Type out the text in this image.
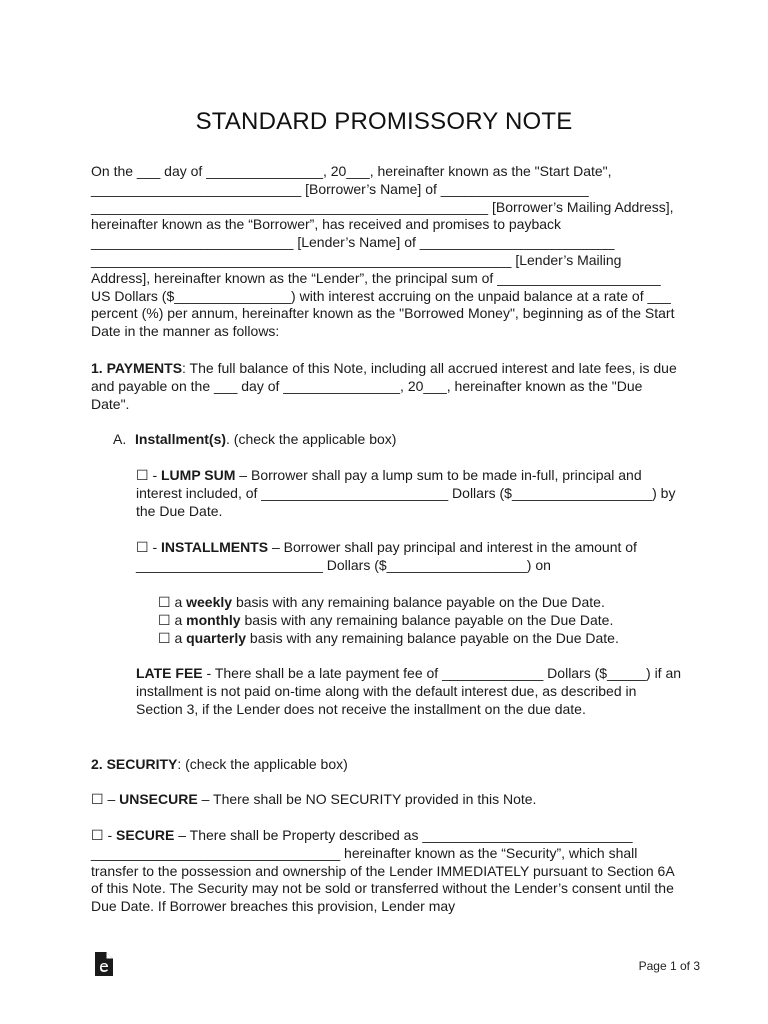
STANDARD PROMISSORY NOTE

On the ___ day of _______________, 20___, hereinafter known as the "Start Date", ___________________________ [Borrower’s Name] of ___________________ ___________________________________________________ [Borrower’s Mailing Address], hereinafter known as the “Borrower”, has received and promises to payback __________________________ [Lender’s Name] of _________________________ ______________________________________________________ [Lender’s Mailing Address], hereinafter known as the “Lender”, the principal sum of _____________________ US Dollars ($_______________) with interest accruing on the unpaid balance at a rate of ___ percent (%) per annum, hereinafter known as the "Borrowed Money", beginning as of the Start Date in the manner as follows:

1. PAYMENTS: The full balance of this Note, including all accrued interest and late fees, is due and payable on the ___ day of _______________, 20___, hereinafter known as the "Due Date".

A. Installment(s). (check the applicable box)

☐ - LUMP SUM – Borrower shall pay a lump sum to be made in-full, principal and interest included, of ________________________ Dollars ($__________________) by the Due Date.

☐ - INSTALLMENTS – Borrower shall pay principal and interest in the amount of ________________________ Dollars ($__________________) on

☐ a weekly basis with any remaining balance payable on the Due Date.
☐ a monthly basis with any remaining balance payable on the Due Date.
☐ a quarterly basis with any remaining balance payable on the Due Date.

LATE FEE - There shall be a late payment fee of _____________ Dollars ($_____) if an installment is not paid on-time along with the default interest due, as described in Section 3, if the Lender does not receive the installment on the due date.

2. SECURITY: (check the applicable box)

☐ – UNSECURE – There shall be NO SECURITY provided in this Note.

☐ - SECURE – There shall be Property described as ___________________________ ________________________________ hereinafter known as the “Security”, which shall transfer to the possession and ownership of the Lender IMMEDIATELY pursuant to Section 6A of this Note. The Security may not be sold or transferred without the Lender’s consent until the Due Date. If Borrower breaches this provision, Lender may

Page 1 of 3
